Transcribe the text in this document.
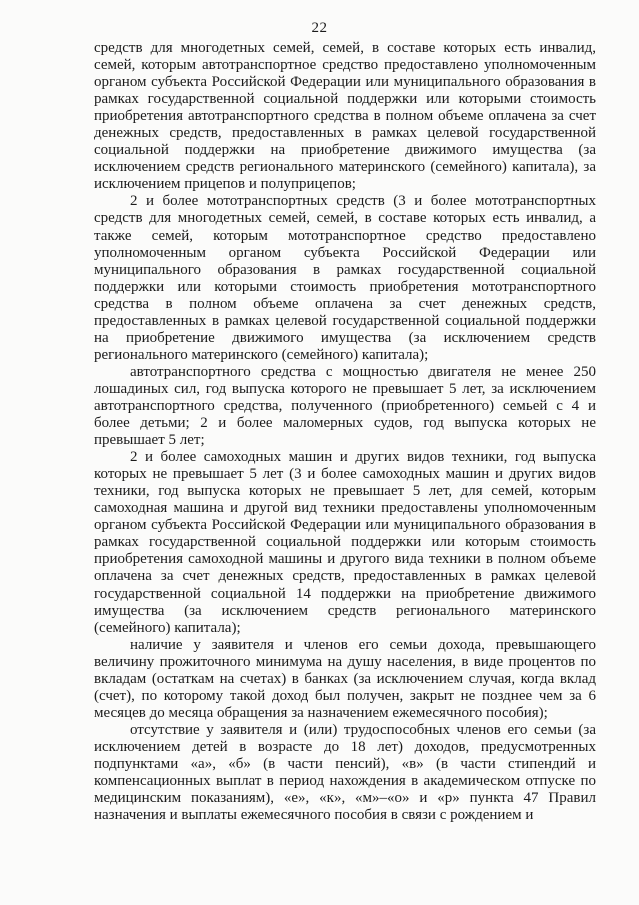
22

средств для многодетных семей, семей, в составе которых есть инвалид, семей, которым автотранспортное средство предоставлено уполномоченным органом субъекта Российской Федерации или муниципального образования в рамках государственной социальной поддержки или которыми стоимость приобретения автотранспортного средства в полном объеме оплачена за счет денежных средств, предоставленных в рамках целевой государственной социальной поддержки на приобретение движимого имущества (за исключением средств регионального материнского (семейного) капитала), за исключением прицепов и полуприцепов;

2 и более мототранспортных средств (3 и более мототранспортных средств для многодетных семей, семей, в составе которых есть инвалид, а также семей, которым мототранспортное средство предоставлено уполномоченным органом субъекта Российской Федерации или муниципального образования в рамках государственной социальной поддержки или которыми стоимость приобретения мототранспортного средства в полном объеме оплачена за счет денежных средств, предоставленных в рамках целевой государственной социальной поддержки на приобретение движимого имущества (за исключением средств регионального материнского (семейного) капитала);

автотранспортного средства с мощностью двигателя не менее 250 лошадиных сил, год выпуска которого не превышает 5 лет, за исключением автотранспортного средства, полученного (приобретенного) семьей с 4 и более детьми; 2 и более маломерных судов, год выпуска которых не превышает 5 лет;

2 и более самоходных машин и других видов техники, год выпуска которых не превышает 5 лет (3 и более самоходных машин и других видов техники, год выпуска которых не превышает 5 лет, для семей, которым самоходная машина и другой вид техники предоставлены уполномоченным органом субъекта Российской Федерации или муниципального образования в рамках государственной социальной поддержки или которым стоимость приобретения самоходной машины и другого вида техники в полном объеме оплачена за счет денежных средств, предоставленных в рамках целевой государственной социальной 14 поддержки на приобретение движимого имущества (за исключением средств регионального материнского (семейного) капитала);

наличие у заявителя и членов его семьи дохода, превышающего величину прожиточного минимума на душу населения, в виде процентов по вкладам (остаткам на счетах) в банках (за исключением случая, когда вклад (счет), по которому такой доход был получен, закрыт не позднее чем за 6 месяцев до месяца обращения за назначением ежемесячного пособия);

отсутствие у заявителя и (или) трудоспособных членов его семьи (за исключением детей в возрасте до 18 лет) доходов, предусмотренных подпунктами «а», «б» (в части пенсий), «в» (в части стипендий и компенсационных выплат в период нахождения в академическом отпуске по медицинским показаниям), «е», «к», «м»–«о» и «р» пункта 47 Правил назначения и выплаты ежемесячного пособия в связи с рождением и
